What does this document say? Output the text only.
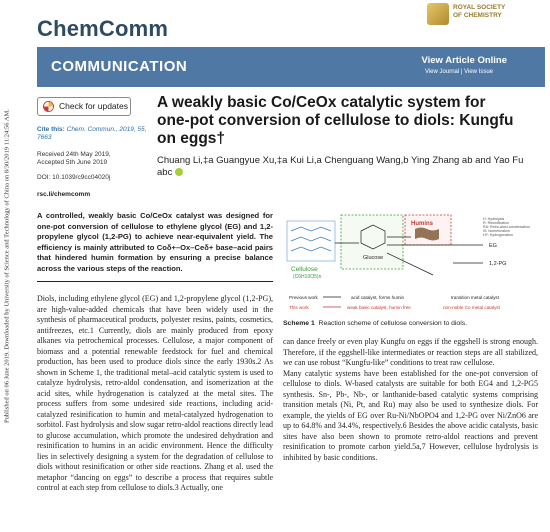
Published on 06 June 2019. Downloaded by University of Science and Technology of China on 8/30/2019 11:24:56 AM.
ChemComm
ROYAL SOCIETY
OF CHEMISTRY
COMMUNICATION	View Article Online
View Journal | View Issue
Check for updates A weakly basic Co/CeOx catalytic system for one-pot conversion of cellulose to diols: Kungfu on eggs†
Cite this: Chem. Commun., 2019, 55, 7663
Received 24th May 2019,
Accepted 5th June 2019
DOI: 10.1039/c9cc04020j
rsc.li/chemcomm
Chuang Li,‡a Guangyue Xu,‡a Kui Li,a Chenguang Wang,b Ying Zhang ab and Yao Fu abc
A controlled, weakly basic Co/CeOx catalyst was designed for one-pot conversion of cellulose to ethylene glycol (EG) and 1,2-propylene glycol (1,2-PG) to achieve near-equivalent yield. The efficiency is mainly attributed to Coδ+–Ox–Ceδ+ base–acid pairs that hindered humin formation by ensuring a precise balance across the various steps of the reaction.
Diols, including ethylene glycol (EG) and 1,2-propylene glycol (1,2-PG), are high-value-added chemicals that have been widely used in the synthesis of pharmaceutical products, polyester resins, paints, cosmetics, antifreezes, etc.1 Currently, diols are mainly produced from epoxy alkanes via petrochemical processes. Cellulose, a major component of biomass and a potential renewable feedstock for fuel and chemical production, has been used to produce diols since the early 1930s.2 As shown in Scheme 1, the traditional metal–acid catalytic system is used to catalyze hydrolysis, retro-aldol condensation, and isomerization at the acid sites, while hydrogenation is catalyzed at the metal sites. The process suffers from some undesired side reactions, including acid-catalyzed resinification to humin and metal-catalyzed hydrogenation to sorbitol. Fast hydrolysis and slow sugar retro-aldol reactions directly lead to glucose accumulation, which promote the undesired dehydration and resinification to humins in an acidic environment. Hence the difficulty lies in selectively designing a system for the degradation of cellulose to diols without resinification or other side reactions. Zhang et al. used the metaphor “dancing on eggs” to describe a process that requires subtle control at each step from cellulose to diols.3 Actually, one
Humins
Cellulose
(C6H10O5)n
Glucose
EG
1,2-PG
H: Hydrolysis
R: Resinification
RA: Retro-aldol condensation
IS: Isomerization
HY: Hydrogenation
Previous work	acid catalyst, forms humin	transition metal catalyst
This work	weak basic catalyst, humin free	non-noble Co metal catalyst
Scheme 1 Reaction scheme of cellulose conversion to diols.
can dance freely or even play Kungfu on eggs if the eggshell is strong enough. Therefore, if the eggshell-like intermediates or reaction steps are all stabilized, we can use robust “Kungfu-like” conditions to treat raw cellulose.
Many catalytic systems have been established for the one-pot conversion of cellulose to diols. W-based catalysts are suitable for both EG4 and 1,2-PG5 synthesis. Sn-, Pb-, Nb-, or lanthanide-based catalytic systems comprising transition metals (Ni, Pt, and Ru) may also be used to synthesize diols. For example, the yields of EG over Ru-Ni/NbOPO4 and 1,2-PG over Ni/ZnO6 are up to 64.8% and 34.4%, respectively.6 Besides the above acidic catalysts, basic sites have also been shown to promote retro-aldol reactions and prevent resinification to promote carbon yield.5a,7 However, cellulose hydrolysis is inhibited by basic conditions.
